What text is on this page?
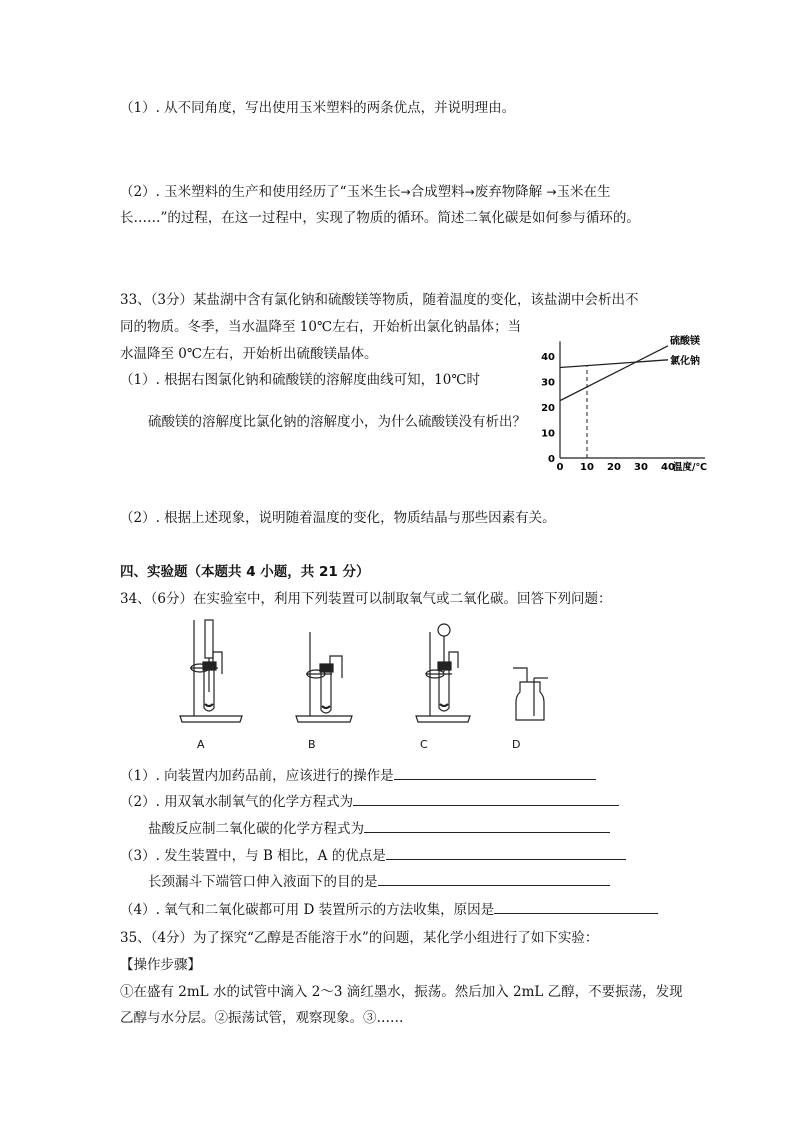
（1）. 从不同角度，写出使用玉米塑料的两条优点，并说明理由。
（2）. 玉米塑料的生产和使用经历了“玉米生长→合成塑料→废弃物降解 →玉米在生
长……”的过程，在这一过程中，实现了物质的循环。简述二氧化碳是如何参与循环的。
33、（3分）某盐湖中含有氯化钠和硫酸镁等物质，随着温度的变化，该盐湖中会析出不
同的物质。冬季，当水温降至 10℃左右，开始析出氯化钠晶体；当
水温降至 0℃左右，开始析出硫酸镁晶体。
（1）. 根据右图氯化钠和硫酸镁的溶解度曲线可知，10℃时
硫酸镁的溶解度比氯化钠的溶解度小，为什么硫酸镁没有析出？
（2）. 根据上述现象，说明随着温度的变化，物质结晶与那些因素有关。
0 10 20 30 40
0
10
20
30
40
温度/℃
硫酸镁
氯化钠
四、实验题（本题共 4 小题，共 21 分）
34、（6分）在实验室中，利用下列装置可以制取氧气或二氧化碳。回答下列问题：
A	B	C	D
（1）. 向装置内加药品前，应该进行的操作是
（2）. 用双氧水制氧气的化学方程式为
盐酸反应制二氧化碳的化学方程式为
（3）. 发生装置中，与 B 相比，A 的优点是
长颈漏斗下端管口伸入液面下的目的是
（4）. 氧气和二氧化碳都可用 D 装置所示的方法收集，原因是
35、（4分）为了探究“乙醇是否能溶于水”的问题，某化学小组进行了如下实验：
【操作步骤】
①在盛有 2mL 水的试管中滴入 2～3 滴红墨水，振荡。然后加入 2mL 乙醇，不要振荡，发现
乙醇与水分层。②振荡试管，观察现象。③……
